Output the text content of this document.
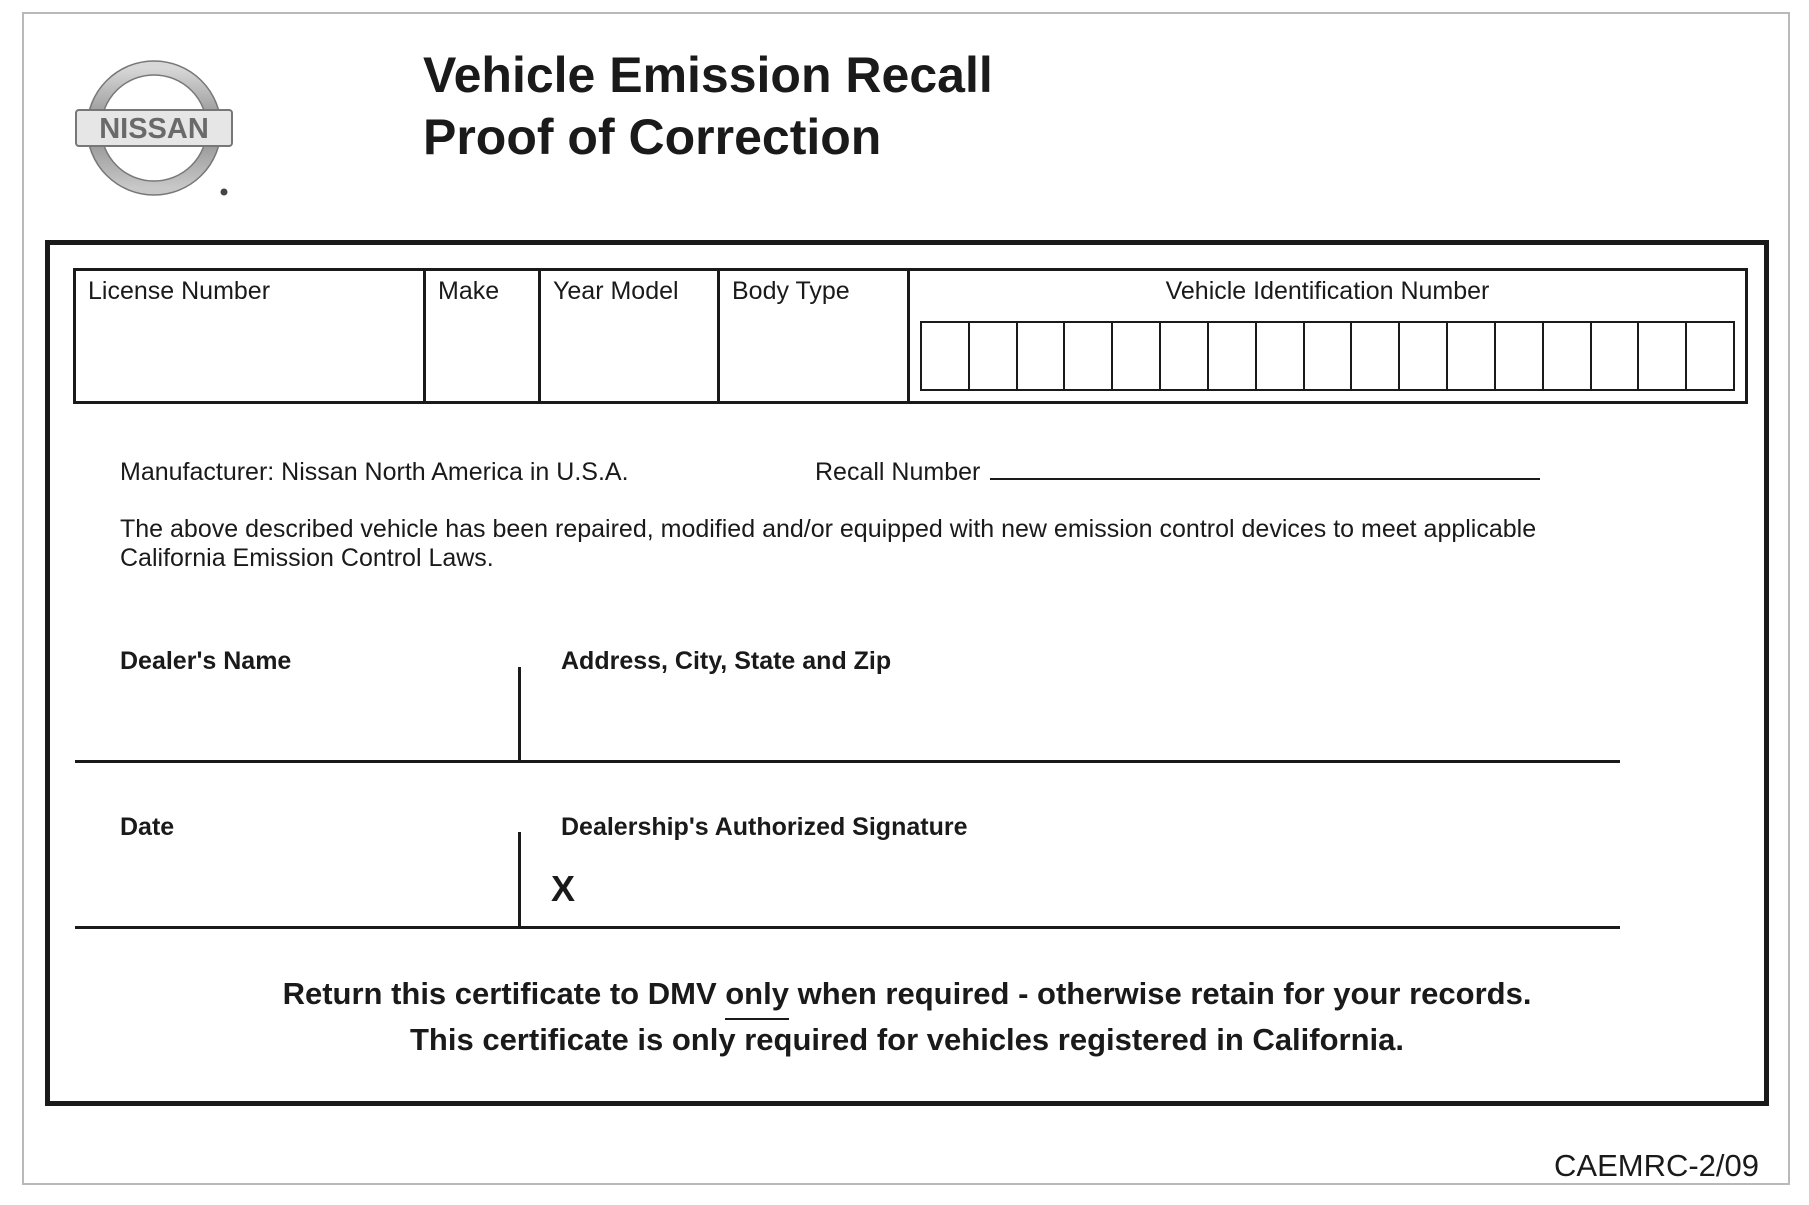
NISSAN
Vehicle Emission Recall
Proof of Correction
License Number	Make	Year Model	Body Type	Vehicle Identification Number
Manufacturer: Nissan North America in U.S.A.	Recall Number
The above described vehicle has been repaired, modified and/or equipped with new emission control devices to meet applicable
California Emission Control Laws.
Dealer's Name	Address, City, State and Zip
Date	Dealership's Authorized Signature
X
Return this certificate to DMV only when required - otherwise retain for your records.
This certificate is only required for vehicles registered in California.
CAEMRC-2/09
